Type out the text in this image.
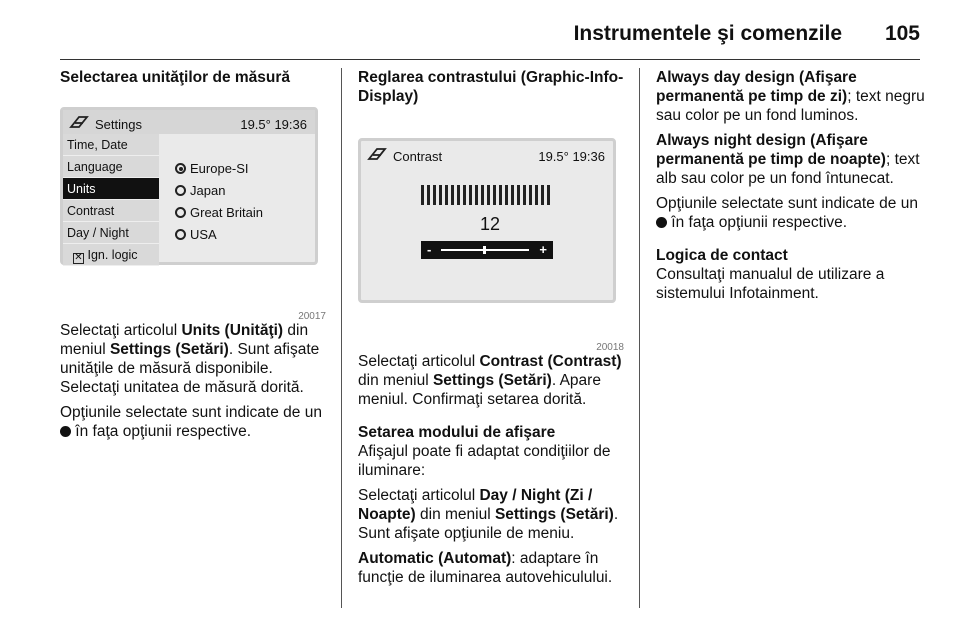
Instrumentele şi comenzile 105
Selectarea unităţilor de măsură
Settings	19.5° 19:36
Time, Date
Language
Units
Contrast
Day / Night
✕ Ign. logic
Europe-SI
Japan
Great Britain
USA
20017

Selectaţi articolul Units (Unităţi) din meniul Settings (Setări). Sunt afişate unităţile de măsură disponibile. Selectaţi unitatea de măsură dorită.

Opţiunile selectate sunt indicate de un  în faţa opţiunii respective.

Reglarea contrastului (Graphic-Info-Display)
Contrast	19.5° 19:36
12
-	+
20018

Selectaţi articolul Contrast (Contrast) din meniul Settings (Setări). Apare meniul. Confirmaţi setarea dorită.

Setarea modului de afişare

Afişajul poate fi adaptat condiţiilor de iluminare:

Selectaţi articolul Day / Night (Zi / Noapte) din meniul Settings (Setări). Sunt afişate opţiunile de meniu.

Automatic (Automat): adaptare în funcţie de iluminarea autovehiculului.

Always day design (Afişare permanentă pe timp de zi); text negru sau color pe un fond luminos.

Always night design (Afişare permanentă pe timp de noapte); text alb sau color pe un fond întunecat.

Opţiunile selectate sunt indicate de un  în faţa opţiunii respective.

Logica de contact

Consultaţi manualul de utilizare a sistemului Infotainment.
